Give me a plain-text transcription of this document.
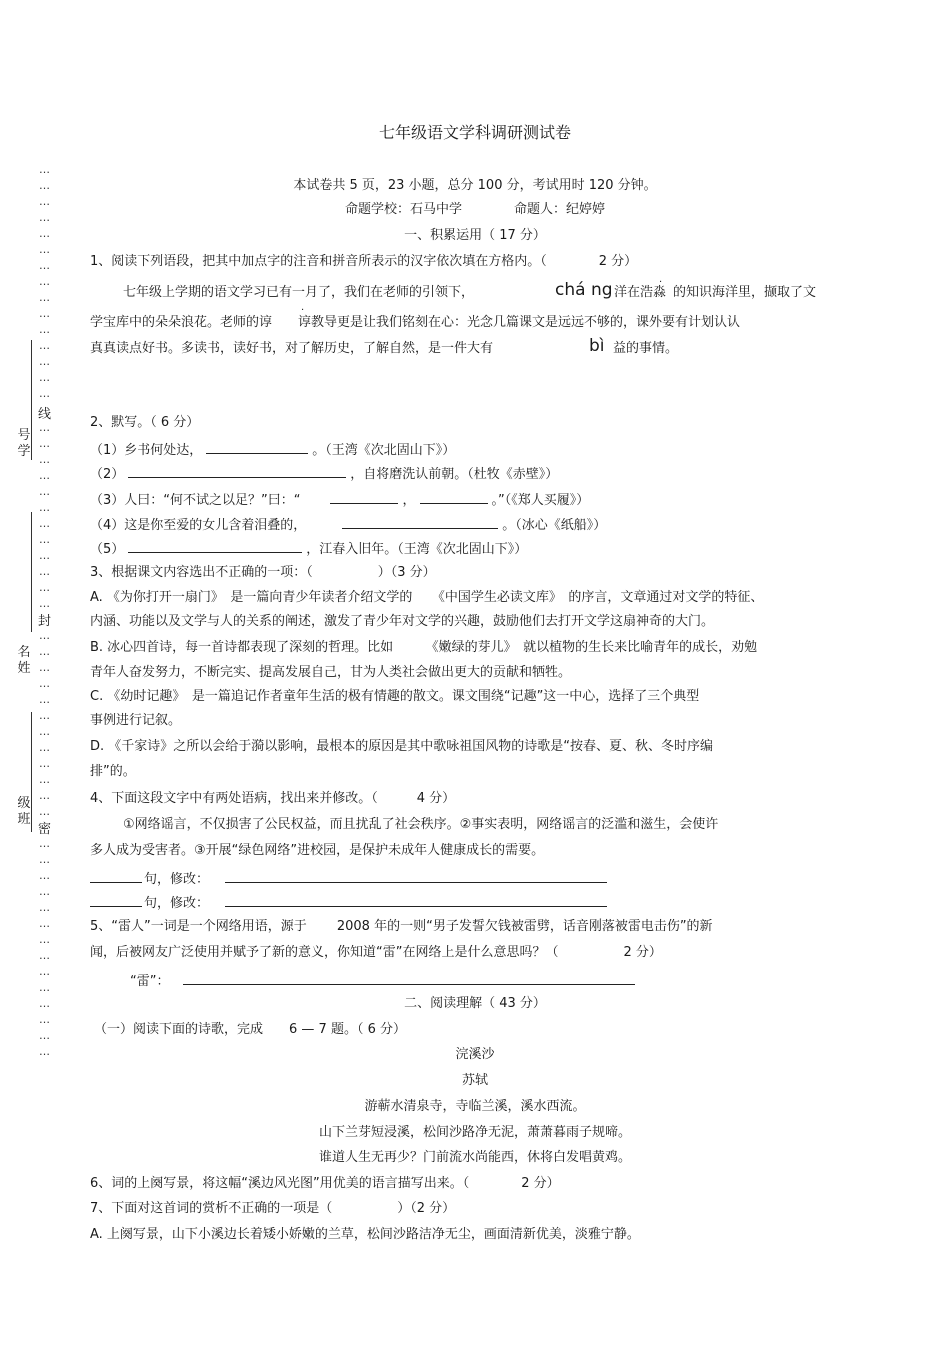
…
…
…
…
…
…
…
…
…
…
…
…
…
…
…
线
…
…
…
…
…
…
…
…
…
…
…
…
封
…
…
…
…
…
…
…
…
…
…
…
…
密
…
…
…
…
…
…
…
…
…
…
…
…
…
…
号学
名姓
级班
七年级语文学科调研测试卷
本试卷共 5 页，23 小题，总分 100 分，考试用时 120 分钟。
命题学校：石马中学　　　　命题人：纪婷婷
一、积累运用（ 17 分）
1、阅读下列语段，把其中加点字的注音和拼音所表示的汉字依次填在方格内。（　　　　2 分）
七年级上学期的语文学习已有一月了，我们在老师的引领下，	chá ng 洋在浩淼
·
的知识海洋里，撷取了文
学宝库中的朵朵浪花。老师的谆　　谆教导更是让我们铭刻在心：光念几篇课文是远远不够的，课外要有计划认认
·
真真读点好书。多读书，读好书，对了解历史，了解自然，是一件大有	bì 益的事情。
2、默写。（ 6 分）
（1）乡书何处达，	。（王湾《次北固山下》）
（2）	，自将磨洗认前朝。（杜牧《赤壁》）
（3）人曰：“何不试之以足？”曰：“	，	。”（《郑人买履》）
（4）这是你至爱的女儿含着泪叠的，	。（冰心《纸船》）
（5）	，江春入旧年。（王湾《次北固山下》）
3、根据课文内容选出不正确的一项：（　　　　　）（3 分）
A. 《为你打开一扇门》　是一篇向青少年读者介绍文学的　　《中国学生必读文库》　的序言，文章通过对文学的特征、
内涵、功能以及文学与人的关系的阐述，激发了青少年对文学的兴趣，鼓励他们去打开文学这扇神奇的大门。
B. 冰心四首诗，每一首诗都表现了深刻的哲理。比如　　　《嫩绿的芽儿》　就以植物的生长来比喻青年的成长，劝勉
青年人奋发努力，不断完实、提高发展自己，甘为人类社会做出更大的贡献和牺牲。
C. 《幼时记趣》　是一篇追记作者童年生活的极有情趣的散文。课文围绕“记趣”这一中心，选择了三个典型
事例进行记叙。
D. 《千家诗》之所以会给于漪以影响，最根本的原因是其中歌咏祖国风物的诗歌是“按春、夏、秋、冬时序编
排”的。
4、下面这段文字中有两处语病，找出来并修改。（　　　4 分）
①网络谣言，不仅损害了公民权益，而且扰乱了社会秩序。②事实表明，网络谣言的泛滥和滋生，会使许
多人成为受害者。③开展“绿色网络”进校园，是保护未成年人健康成长的需要。
句，修改：
句，修改：
5、“雷人”一词是一个网络用语，源于　　 2008 年的一则“男子发誓欠钱被雷劈，话音刚落被雷电击伤”的新
闻，后被网友广泛使用并赋予了新的意义，你知道“雷”在网络上是什么意思吗？（　　　　　2 分）
“雷”：
二、阅读理解（ 43 分）
（一）阅读下面的诗歌，完成　　6 — 7 题。（ 6 分）
浣溪沙
苏轼
游蕲水清泉寺，寺临兰溪，溪水西流。
山下兰芽短浸溪，松间沙路净无泥，萧萧暮雨子规啼。
谁道人生无再少？门前流水尚能西，休将白发唱黄鸡。
6、词的上阕写景，将这幅“溪边风光图”用优美的语言描写出来。（　　　　2 分）
7、下面对这首词的赏析不正确的一项是（　　　　　）（2 分）
A. 上阕写景，山下小溪边长着矮小娇嫩的兰草，松间沙路洁净无尘，画面清新优美，淡雅宁静。
